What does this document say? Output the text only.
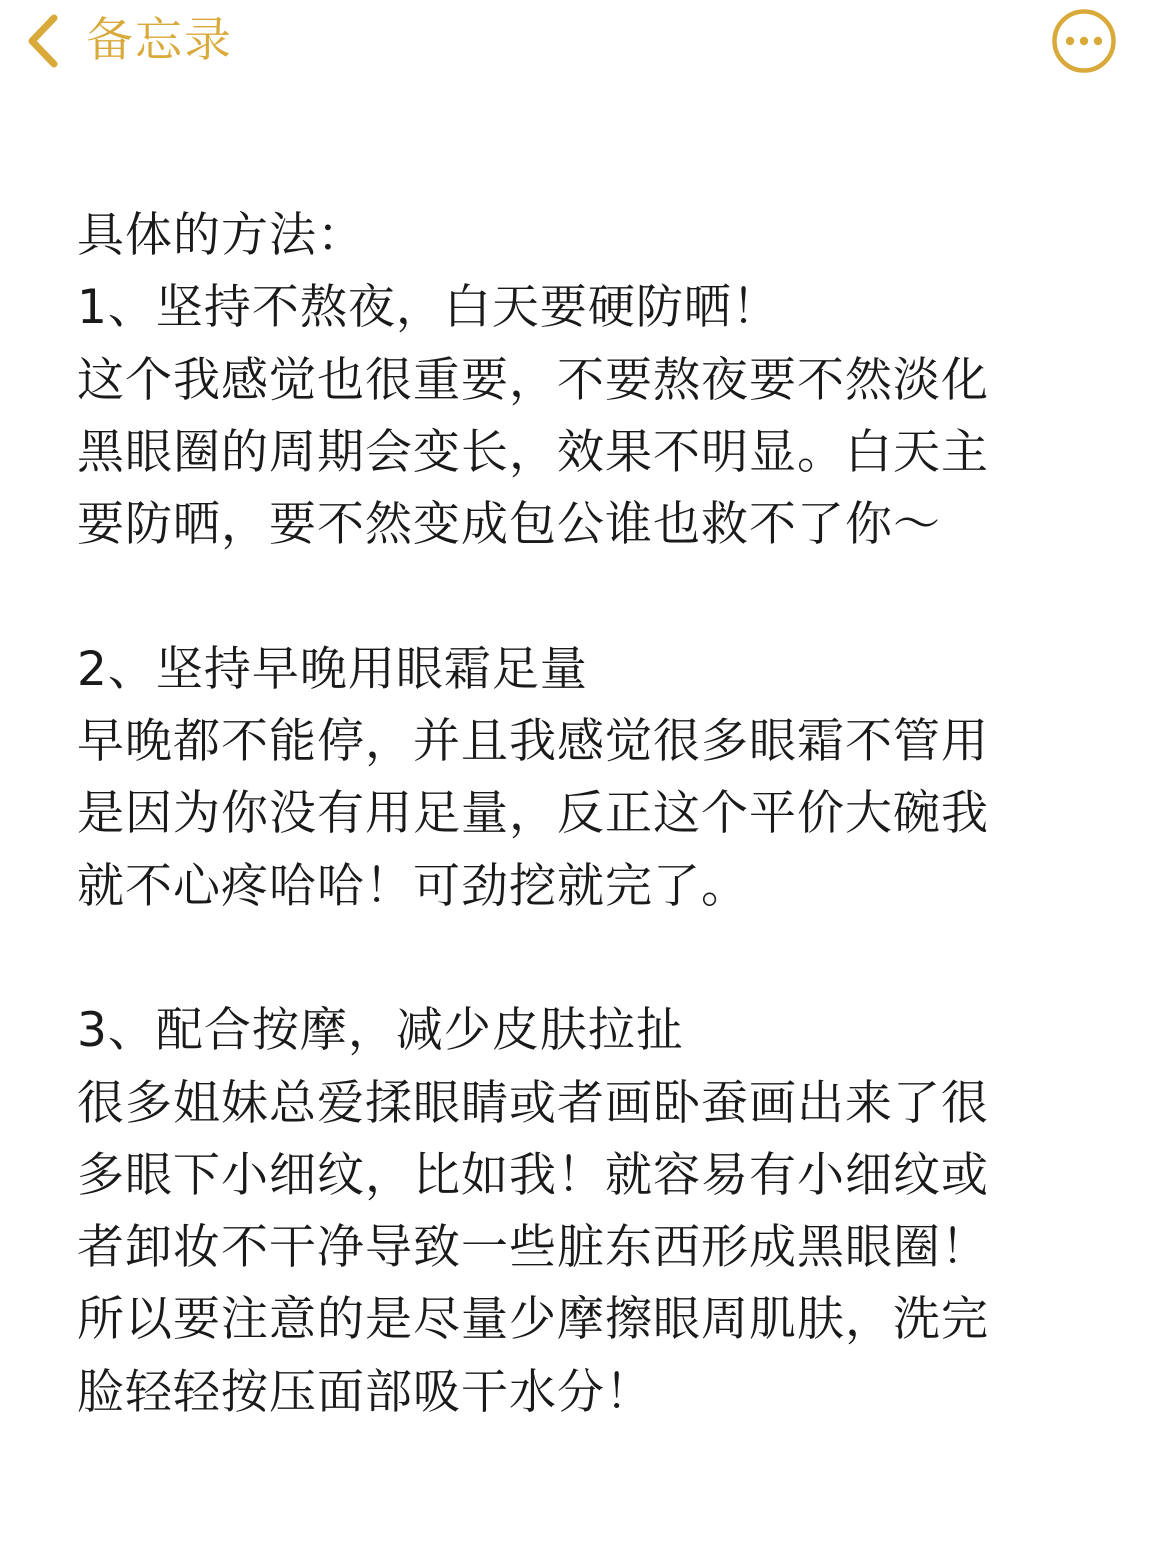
备忘录
具体的方法：
1、坚持不熬夜，白天要硬防晒！
这个我感觉也很重要，不要熬夜要不然淡化
黑眼圈的周期会变长，效果不明显。白天主
要防晒，要不然变成包公谁也救不了你～
2、坚持早晚用眼霜足量
早晚都不能停，并且我感觉很多眼霜不管用
是因为你没有用足量，反正这个平价大碗我
就不心疼哈哈！可劲挖就完了。
3、配合按摩，减少皮肤拉扯
很多姐妹总爱揉眼睛或者画卧蚕画出来了很
多眼下小细纹，比如我！就容易有小细纹或
者卸妆不干净导致一些脏东西形成黑眼圈！
所以要注意的是尽量少摩擦眼周肌肤，洗完
脸轻轻按压面部吸干水分！
